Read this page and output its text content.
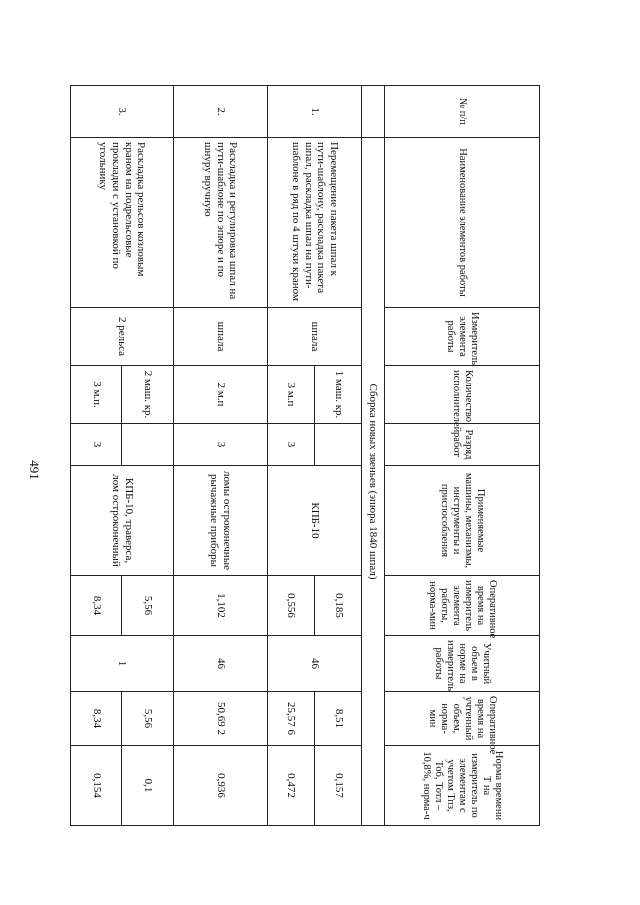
491
№ п/п	Наименование элементов работы	Измеритель элемента работы	Количество исполнителей	Разряд работ	Применяемые машины, механизмы, инструменты и приспособления	Оперативное время на измеритель элемента работы, норма-мин	Учитный объем в норме на измеритель работы	Оперативное время на учтенный объем, норма-мин	Норма времени Т на измеритель по элементам с учетом Тпз, Тоб, Тотл – 10,8%, норма-ч
	Сборка новых звеньев (эпюра 1840 шпал)								
1.	Перемещение пакета шпал к пути-шаблону, раскладка пакета шпал, раскладка шпал на пути-шаблоне в ряд по 4 штуки краном	шпала	1 маш. кр.		КПБ-10	0,185	46	8,51	0,157
			3 м.п	3		0,556		25,57 6	0,472
2.	Раскладка и регулировка шпал на пути-шаблоне по эпюре и по шнуру вручную	шпала	2 м.п	3	ломы остроконечные рычажные приборы	1,102	46	50,69 2	0,936
3.	Раскладка рельсов козловым краном на подрельсовые прокладки с установкой по угольнику	2 рельса	2 маш. кр.		КПБ-10, траверса, лом остроконечный	5,56	1	5,56	0,1
			3 м.п.	3		8,34		8,34	0,154
